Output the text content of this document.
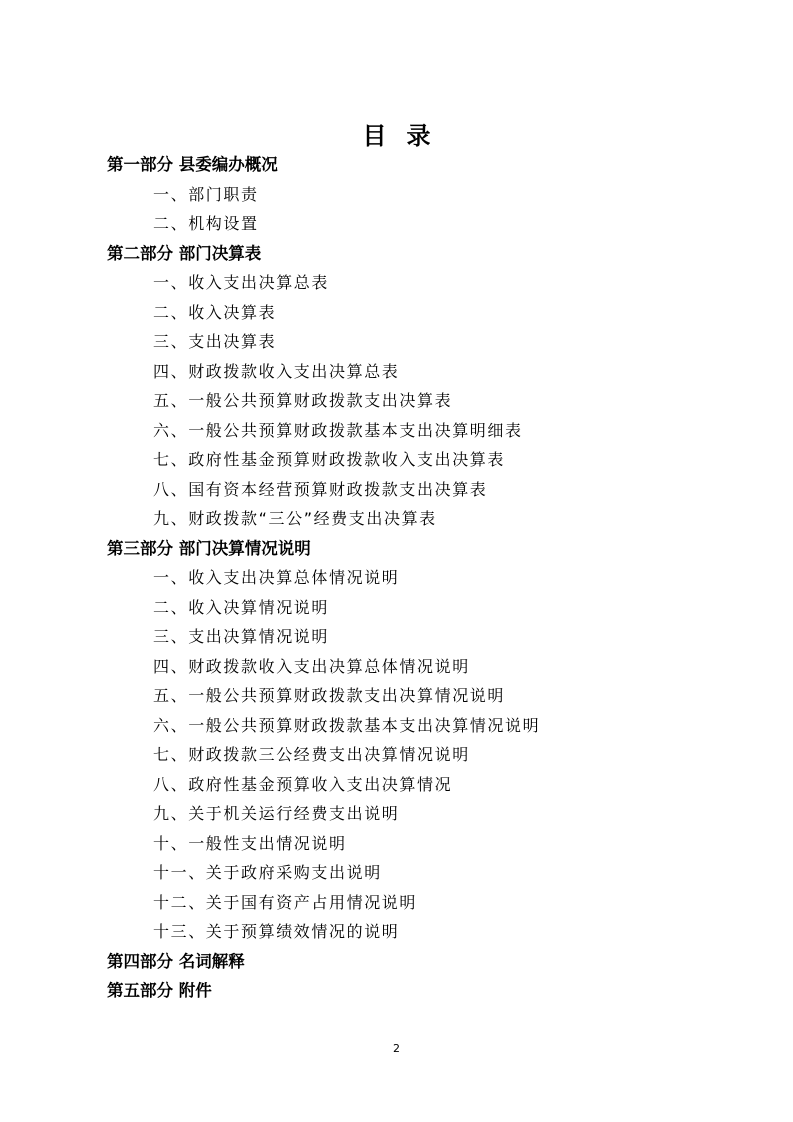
目录
第一部分 县委编办概况
一、部门职责
二、机构设置
第二部分 部门决算表
一、收入支出决算总表
二、收入决算表
三、支出决算表
四、财政拨款收入支出决算总表
五、一般公共预算财政拨款支出决算表
六、一般公共预算财政拨款基本支出决算明细表
七、政府性基金预算财政拨款收入支出决算表
八、国有资本经营预算财政拨款支出决算表
九、财政拨款“三公”经费支出决算表
第三部分 部门决算情况说明
一、收入支出决算总体情况说明
二、收入决算情况说明
三、支出决算情况说明
四、财政拨款收入支出决算总体情况说明
五、一般公共预算财政拨款支出决算情况说明
六、一般公共预算财政拨款基本支出决算情况说明
七、财政拨款三公经费支出决算情况说明
八、政府性基金预算收入支出决算情况
九、关于机关运行经费支出说明
十、一般性支出情况说明
十一、关于政府采购支出说明
十二、关于国有资产占用情况说明
十三、关于预算绩效情况的说明
第四部分 名词解释
第五部分 附件
2
